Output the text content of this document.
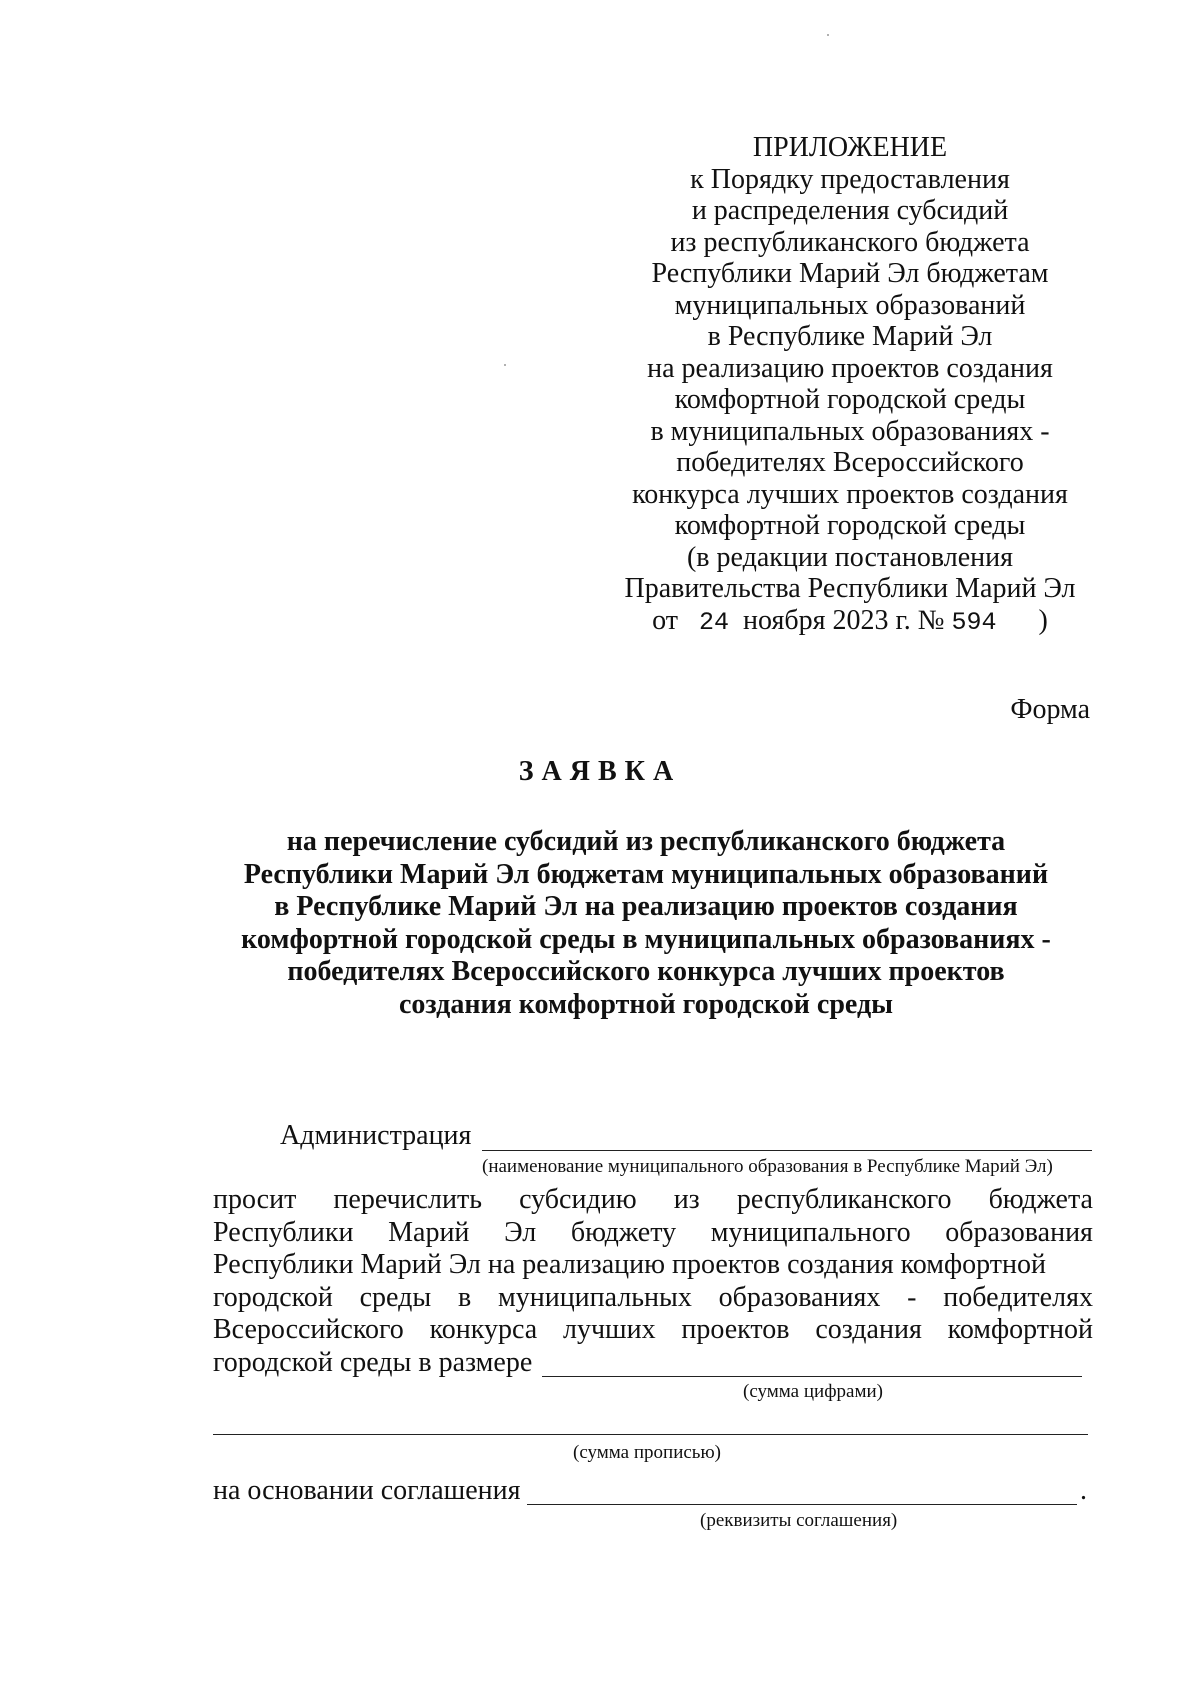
ПРИЛОЖЕНИЕ
к Порядку предоставления
и распределения субсидий
из республиканского бюджета
Республики Марий Эл бюджетам
муниципальных образований
в Республике Марий Эл
на реализацию проектов создания
комфортной городской среды
в муниципальных образованиях -
победителях Всероссийского
конкурса лучших проектов создания
комфортной городской среды
(в редакции постановления
Правительства Республики Марий Эл
от 24 ноября 2023 г. № 594 )
Форма
ЗАЯВКА
на перечисление субсидий из республиканского бюджета
Республики Марий Эл бюджетам муниципальных образований
в Республике Марий Эл на реализацию проектов создания
комфортной городской среды в муниципальных образованиях -
победителях Всероссийского конкурса лучших проектов
создания комфортной городской среды
Администрация
(наименование муниципального образования в Республике Марий Эл)
просит перечислить субсидию из республиканского бюджета
Республики Марий Эл бюджету муниципального образования
Республики Марий Эл на реализацию проектов создания комфортной
городской среды в муниципальных образованиях - победителях
Всероссийского конкурса лучших проектов создания комфортной
городской среды в размере
(сумма цифрами)
(сумма прописью)
на основании соглашения	.
(реквизиты соглашения)
